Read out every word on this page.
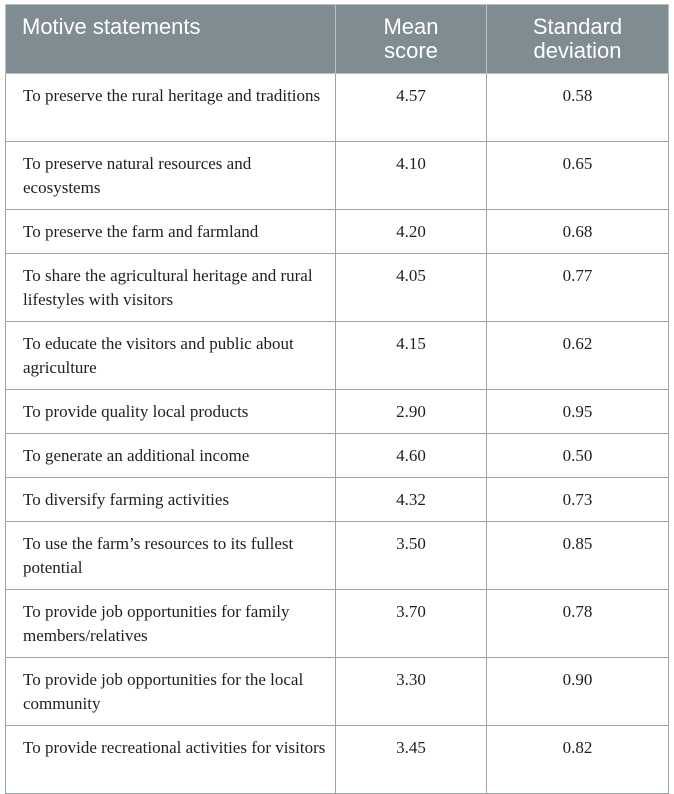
Motive statements	Mean score	Standard deviation
To preserve the rural heritage and traditions	4.57	0.58
To preserve natural resources and ecosystems	4.10	0.65
To preserve the farm and farmland	4.20	0.68
To share the agricultural heritage and rural lifestyles with visitors	4.05	0.77
To educate the visitors and public about agriculture	4.15	0.62
To provide quality local products	2.90	0.95
To generate an additional income	4.60	0.50
To diversify farming activities	4.32	0.73
To use the farm’s resources to its fullest potential	3.50	0.85
To provide job opportunities for family members/relatives	3.70	0.78
To provide job opportunities for the local community	3.30	0.90
To provide recreational activities for visitors	3.45	0.82
